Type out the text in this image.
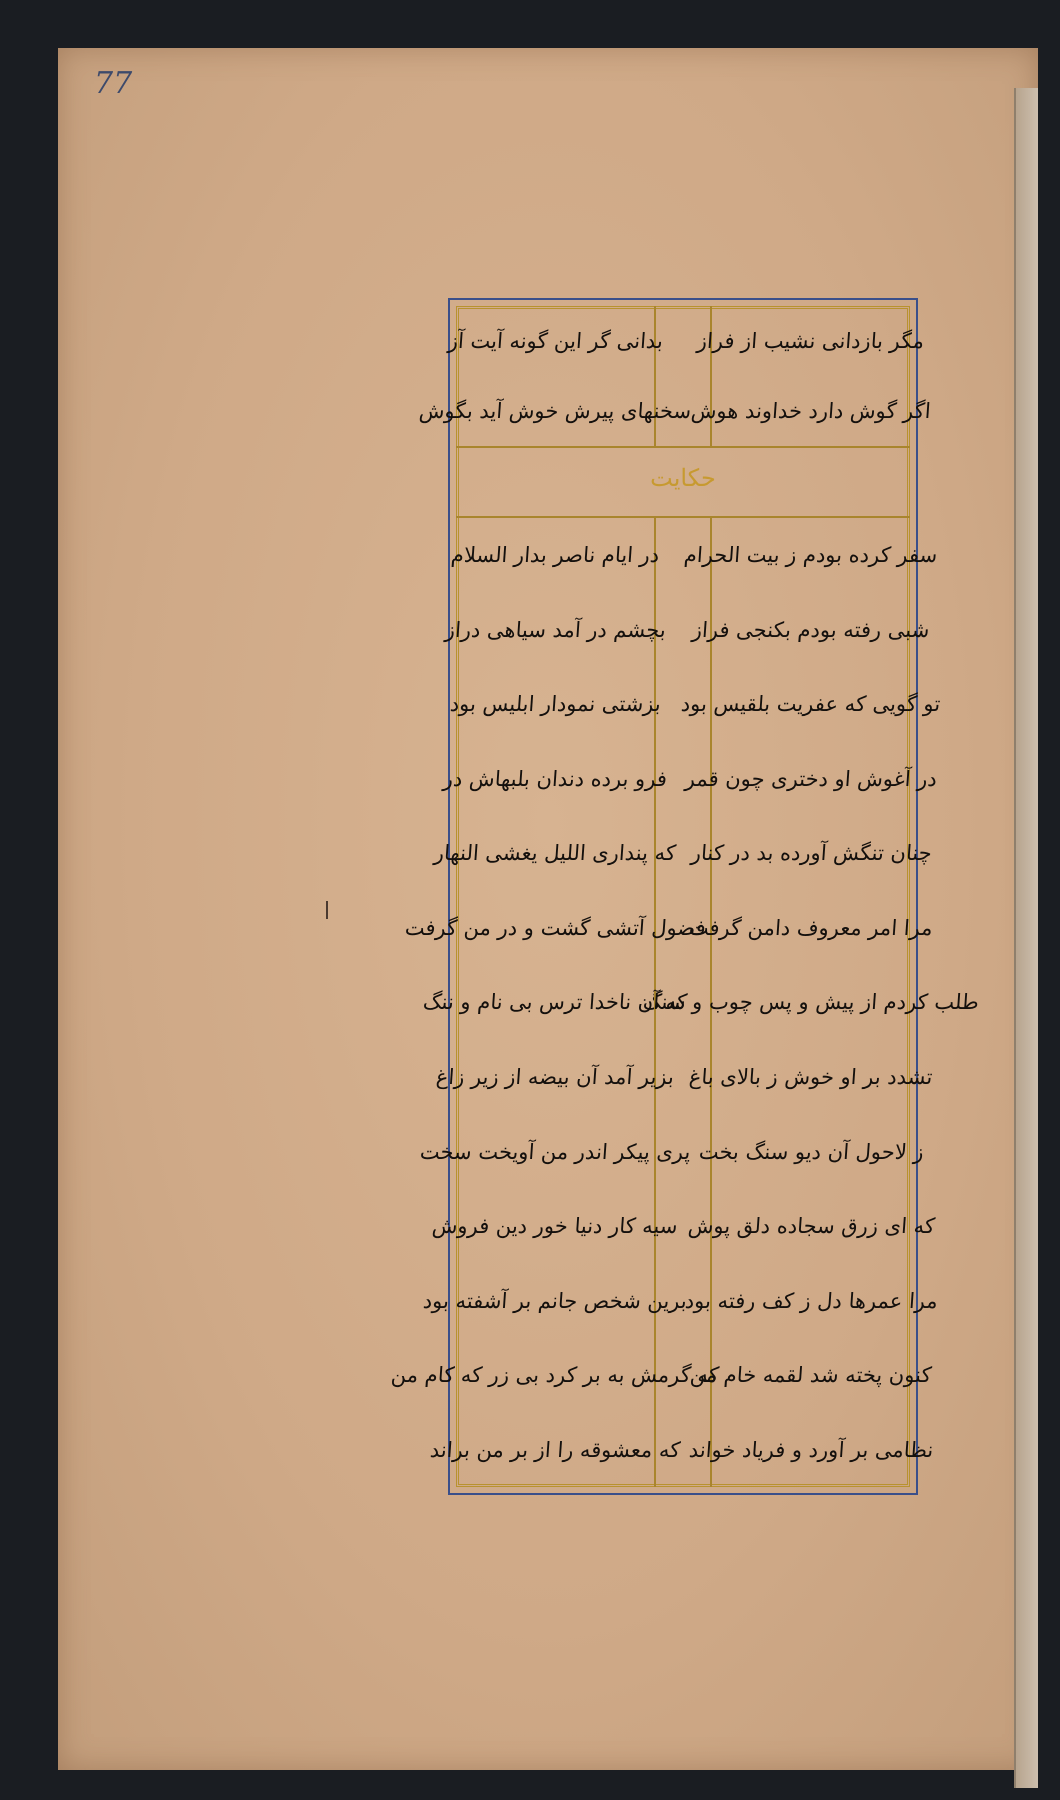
77
مگر بازدانی نشیب از فراز
اگر گوش دارد خداوند هوش
بدانی گر این گونه آیت آز
سخنهای پیرش خوش آید بگوش
حکایت
سفر کرده بودم ز بیت الحرام
شبی رفته بودم بکنجی فراز
تو گویی که عفریت بلقیس بود
در آغوش او دختری چون قمر
چنان تنگش آورده بد در کنار
مرا امر معروف دامن گرفت
طلب کردم از پیش و پس چوب و سنگ
تشدد بر او خوش ز بالای باغ
ز لاحول آن دیو سنگ بخت
که ای زرق سجاده دلق پوش
مرا عمرها دل ز کف رفته بود
کنون پخته شد لقمه خام من
نظامی بر آورد و فریاد خواند
در ایام ناصر بدار السلام
بچشم در آمد سیاهی دراز
بزشتی نمودار ابلیس بود
فرو برده دندان بلبهاش در
که پنداری اللیل یغشی النهار
فضول آتشی گشت و در من گرفت
که آن ناخدا ترس بی نام و ننگ
بزیر آمد آن بیضه از زیر زاغ
پری پیکر اندر من آویخت سخت
سیه کار دنیا خور دین فروش
برین شخص جانم بر آشفته بود
که گرمش به بر کرد بی زر که کام من
که معشوقه را از بر من براند
